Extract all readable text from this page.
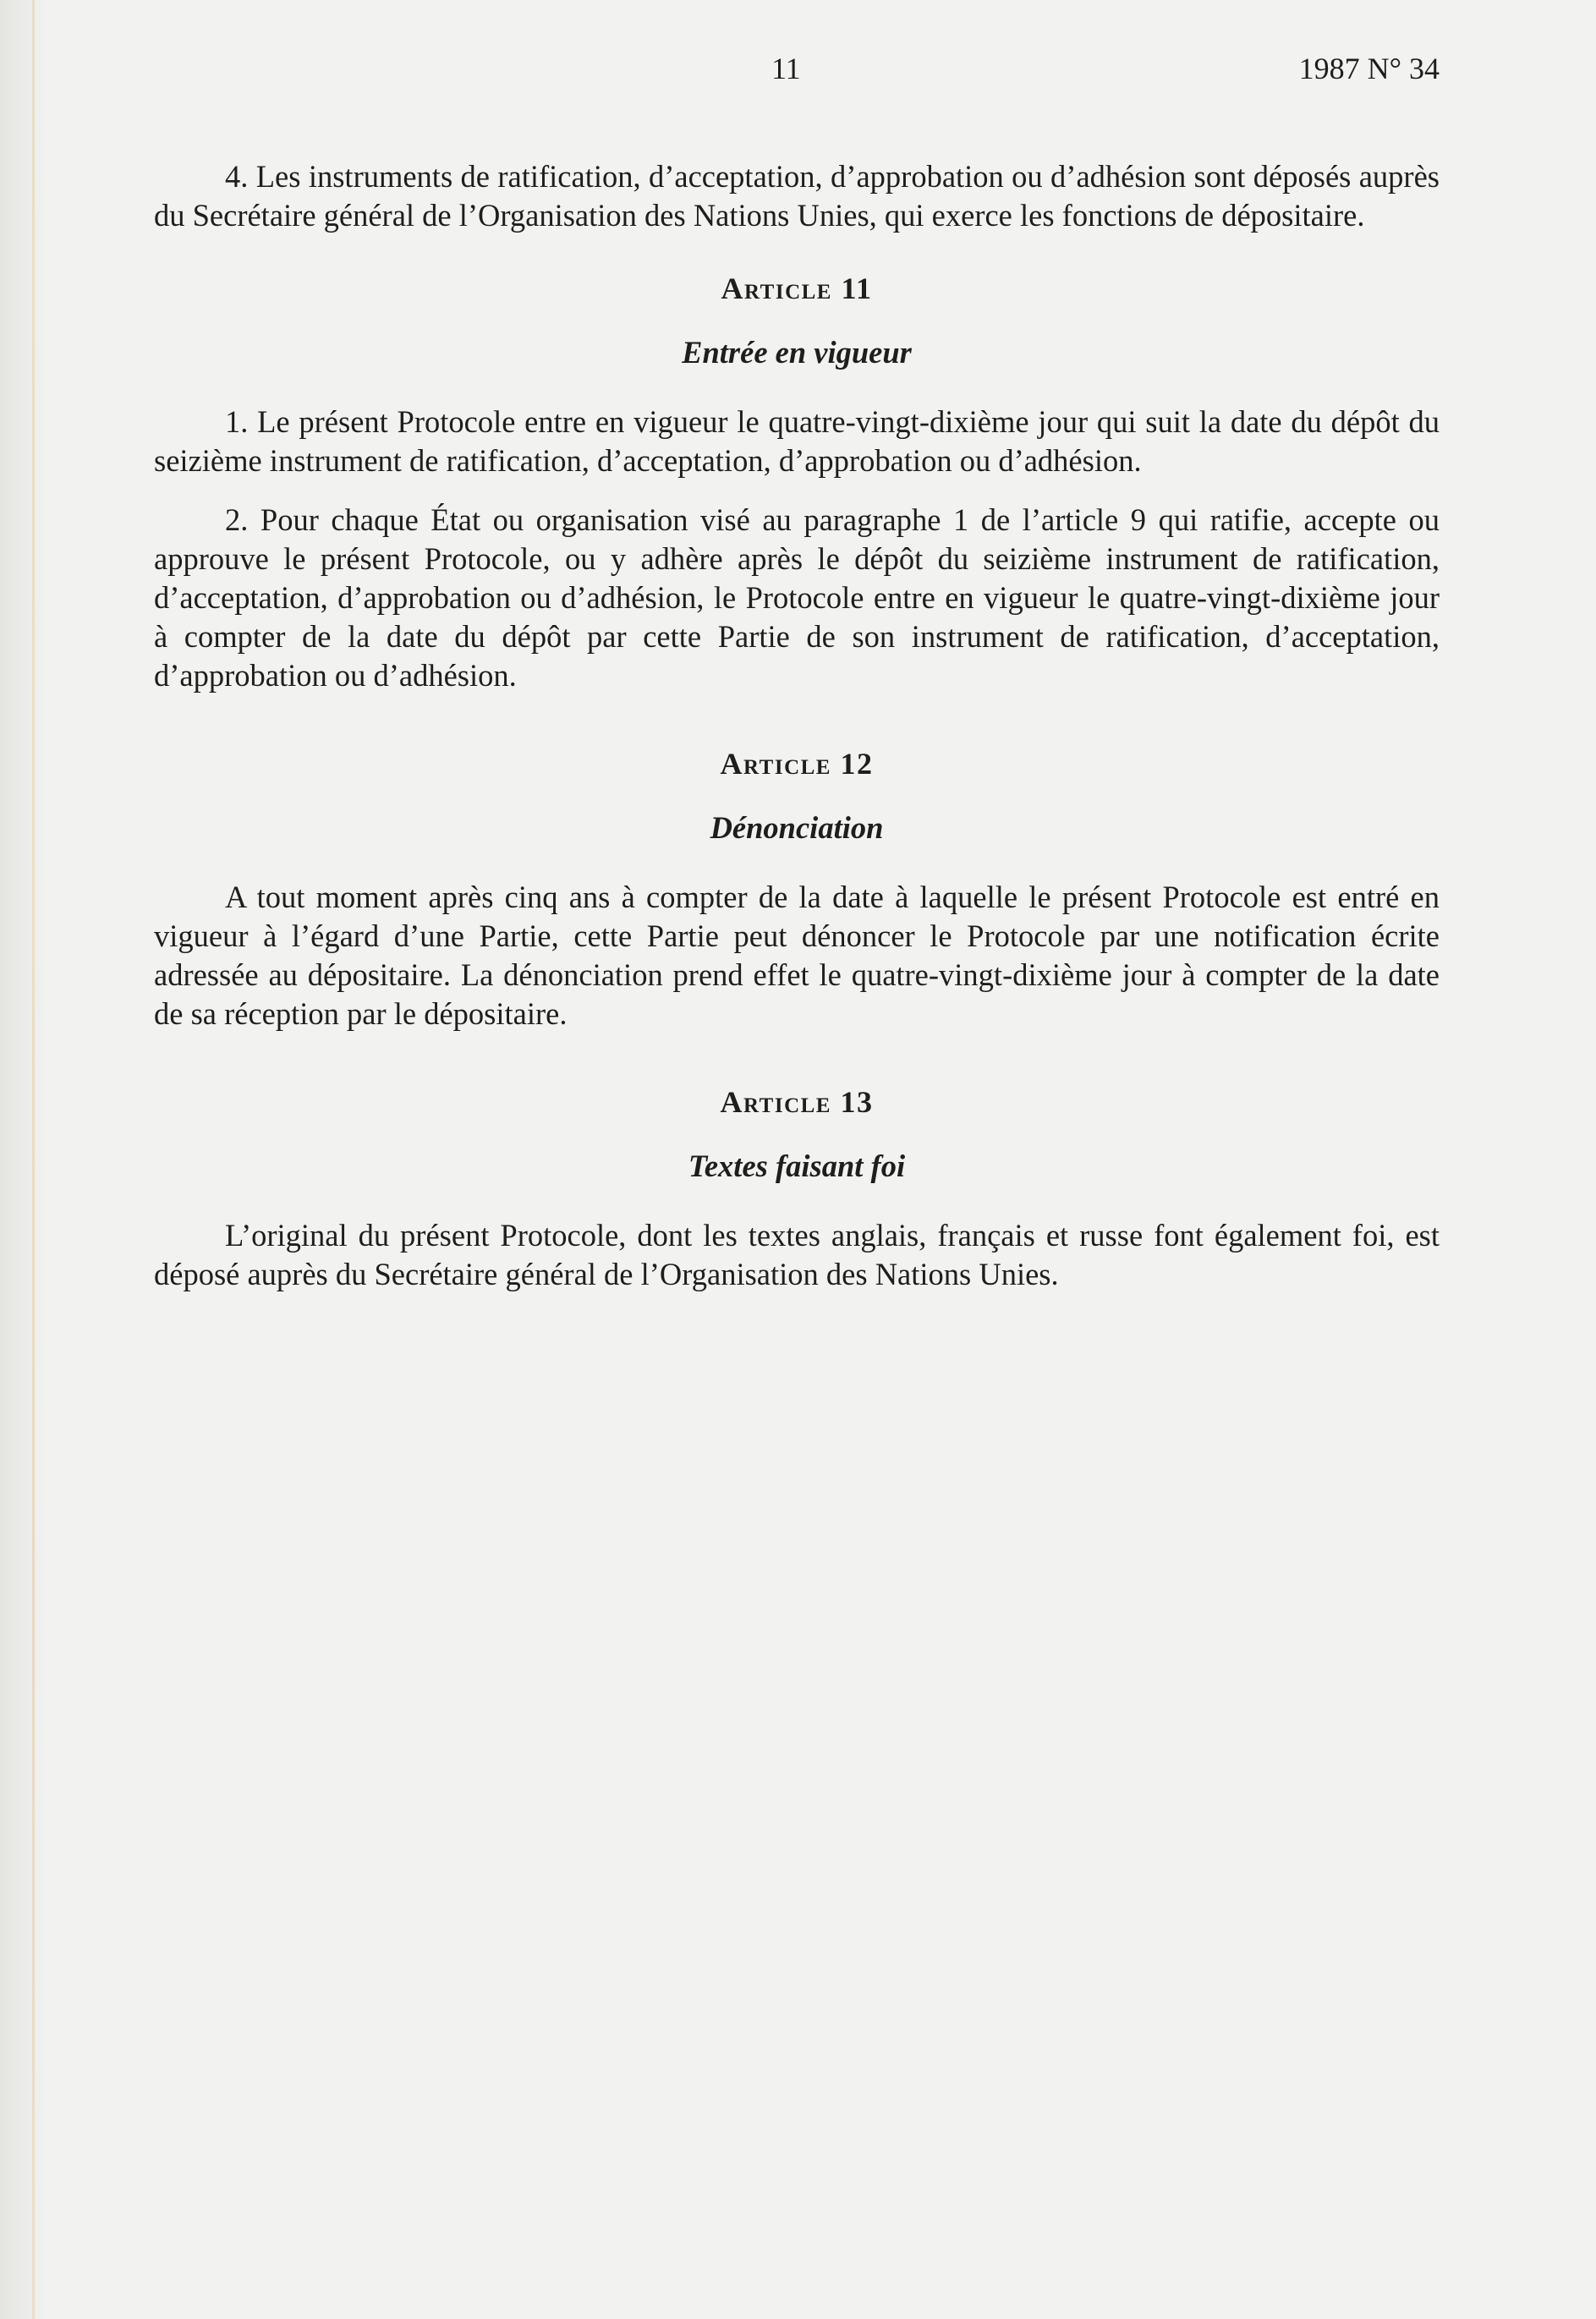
11	1987 N° 34

4. Les instruments de ratification, d’acceptation, d’approbation ou d’adhésion sont déposés auprès du Secrétaire général de l’Organisation des Nations Unies, qui exerce les fonctions de dépositaire.

Article 11
Entrée en vigueur

1. Le présent Protocole entre en vigueur le quatre-vingt-dixième jour qui suit la date du dépôt du seizième instrument de ratification, d’acceptation, d’approbation ou d’adhésion.

2. Pour chaque État ou organisation visé au paragraphe 1 de l’article 9 qui ratifie, accepte ou approuve le présent Protocole, ou y adhère après le dépôt du seizième instrument de ratification, d’acceptation, d’approbation ou d’adhésion, le Protocole entre en vigueur le quatre-vingt-dixième jour à compter de la date du dépôt par cette Partie de son instrument de ratification, d’acceptation, d’approbation ou d’adhésion.

Article 12
Dénonciation

A tout moment après cinq ans à compter de la date à laquelle le présent Protocole est entré en vigueur à l’égard d’une Partie, cette Partie peut dénoncer le Protocole par une notification écrite adressée au dépositaire. La dénonciation prend effet le quatre-vingt-dixième jour à compter de la date de sa réception par le dépositaire.

Article 13
Textes faisant foi

L’original du présent Protocole, dont les textes anglais, français et russe font également foi, est déposé auprès du Secrétaire général de l’Organisation des Nations Unies.
